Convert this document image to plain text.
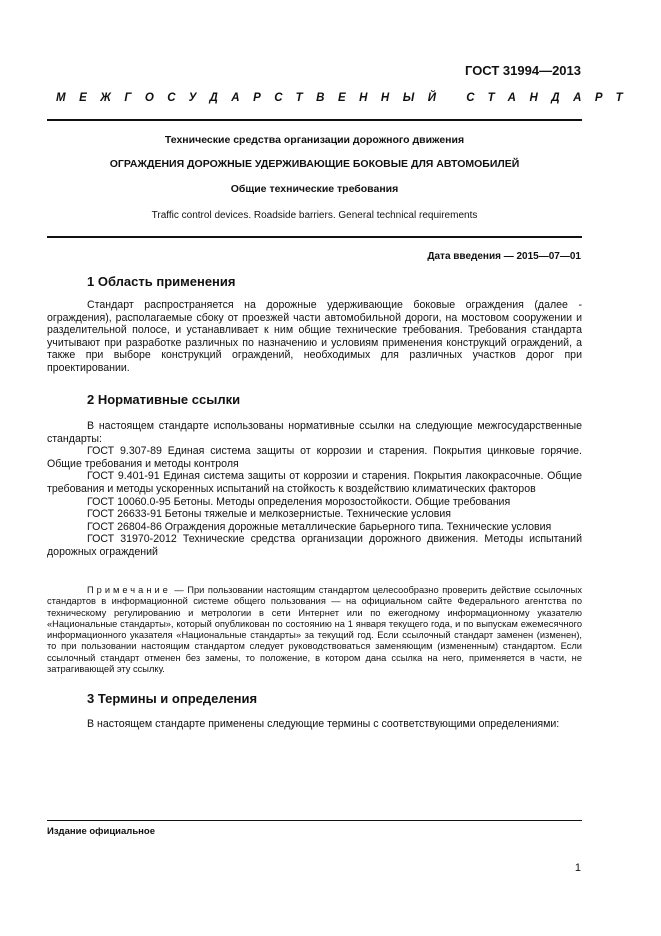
ГОСТ 31994—2013
МЕЖГОСУДАРСТВЕННЫЙ СТАНДАРТ
Технические средства организации дорожного движения
ОГРАЖДЕНИЯ ДОРОЖНЫЕ УДЕРЖИВАЮЩИЕ БОКОВЫЕ ДЛЯ АВТОМОБИЛЕЙ
Общие технические требования
Traffic control devices. Roadside barriers. General technical requirements
Дата введения — 2015—07—01
1 Область применения

Стандарт распространяется на дорожные удерживающие боковые ограждения (далее - ограждения), располагаемые сбоку от проезжей части автомобильной дороги, на мостовом сооружении и разделительной полосе, и устанавливает к ним общие технические требования. Требования стандарта учитывают при разработке различных по назначению и условиям применения конструкций ограждений, а также при выборе конструкций ограждений, необходимых для различных участков дорог при проектировании.

2 Нормативные ссылки

В настоящем стандарте использованы нормативные ссылки на следующие межгосударственные стандарты:

ГОСТ 9.307-89 Единая система защиты от коррозии и старения. Покрытия цинковые горячие. Общие требования и методы контроля
ГОСТ 9.401-91 Единая система защиты от коррозии и старения. Покрытия лакокрасочные. Общие требования и методы ускоренных испытаний на стойкость к воздействию климатических факторов
ГОСТ 10060.0-95 Бетоны. Методы определения морозостойкости. Общие требования
ГОСТ 26633-91 Бетоны тяжелые и мелкозернистые. Технические условия
ГОСТ 26804-86 Ограждения дорожные металлические барьерного типа. Технические условия
ГОСТ 31970-2012 Технические средства организации дорожного движения. Методы испытаний дорожных ограждений

Примечание — При пользовании настоящим стандартом целесообразно проверить действие ссылочных стандартов в информационной системе общего пользования — на официальном сайте Федерального агентства по техническому регулированию и метрологии в сети Интернет или по ежегодному информационному указателю «Национальные стандарты», который опубликован по состоянию на 1 января текущего года, и по выпускам ежемесячного информационного указателя «Национальные стандарты» за текущий год. Если ссылочный стандарт заменен (изменен), то при пользовании настоящим стандартом следует руководствоваться заменяющим (измененным) стандартом. Если ссылочный стандарт отменен без замены, то положение, в котором дана ссылка на него, применяется в части, не затрагивающей эту ссылку.

3 Термины и определения

В настоящем стандарте применены следующие термины с соответствующими определениями:

Издание официальное
1
